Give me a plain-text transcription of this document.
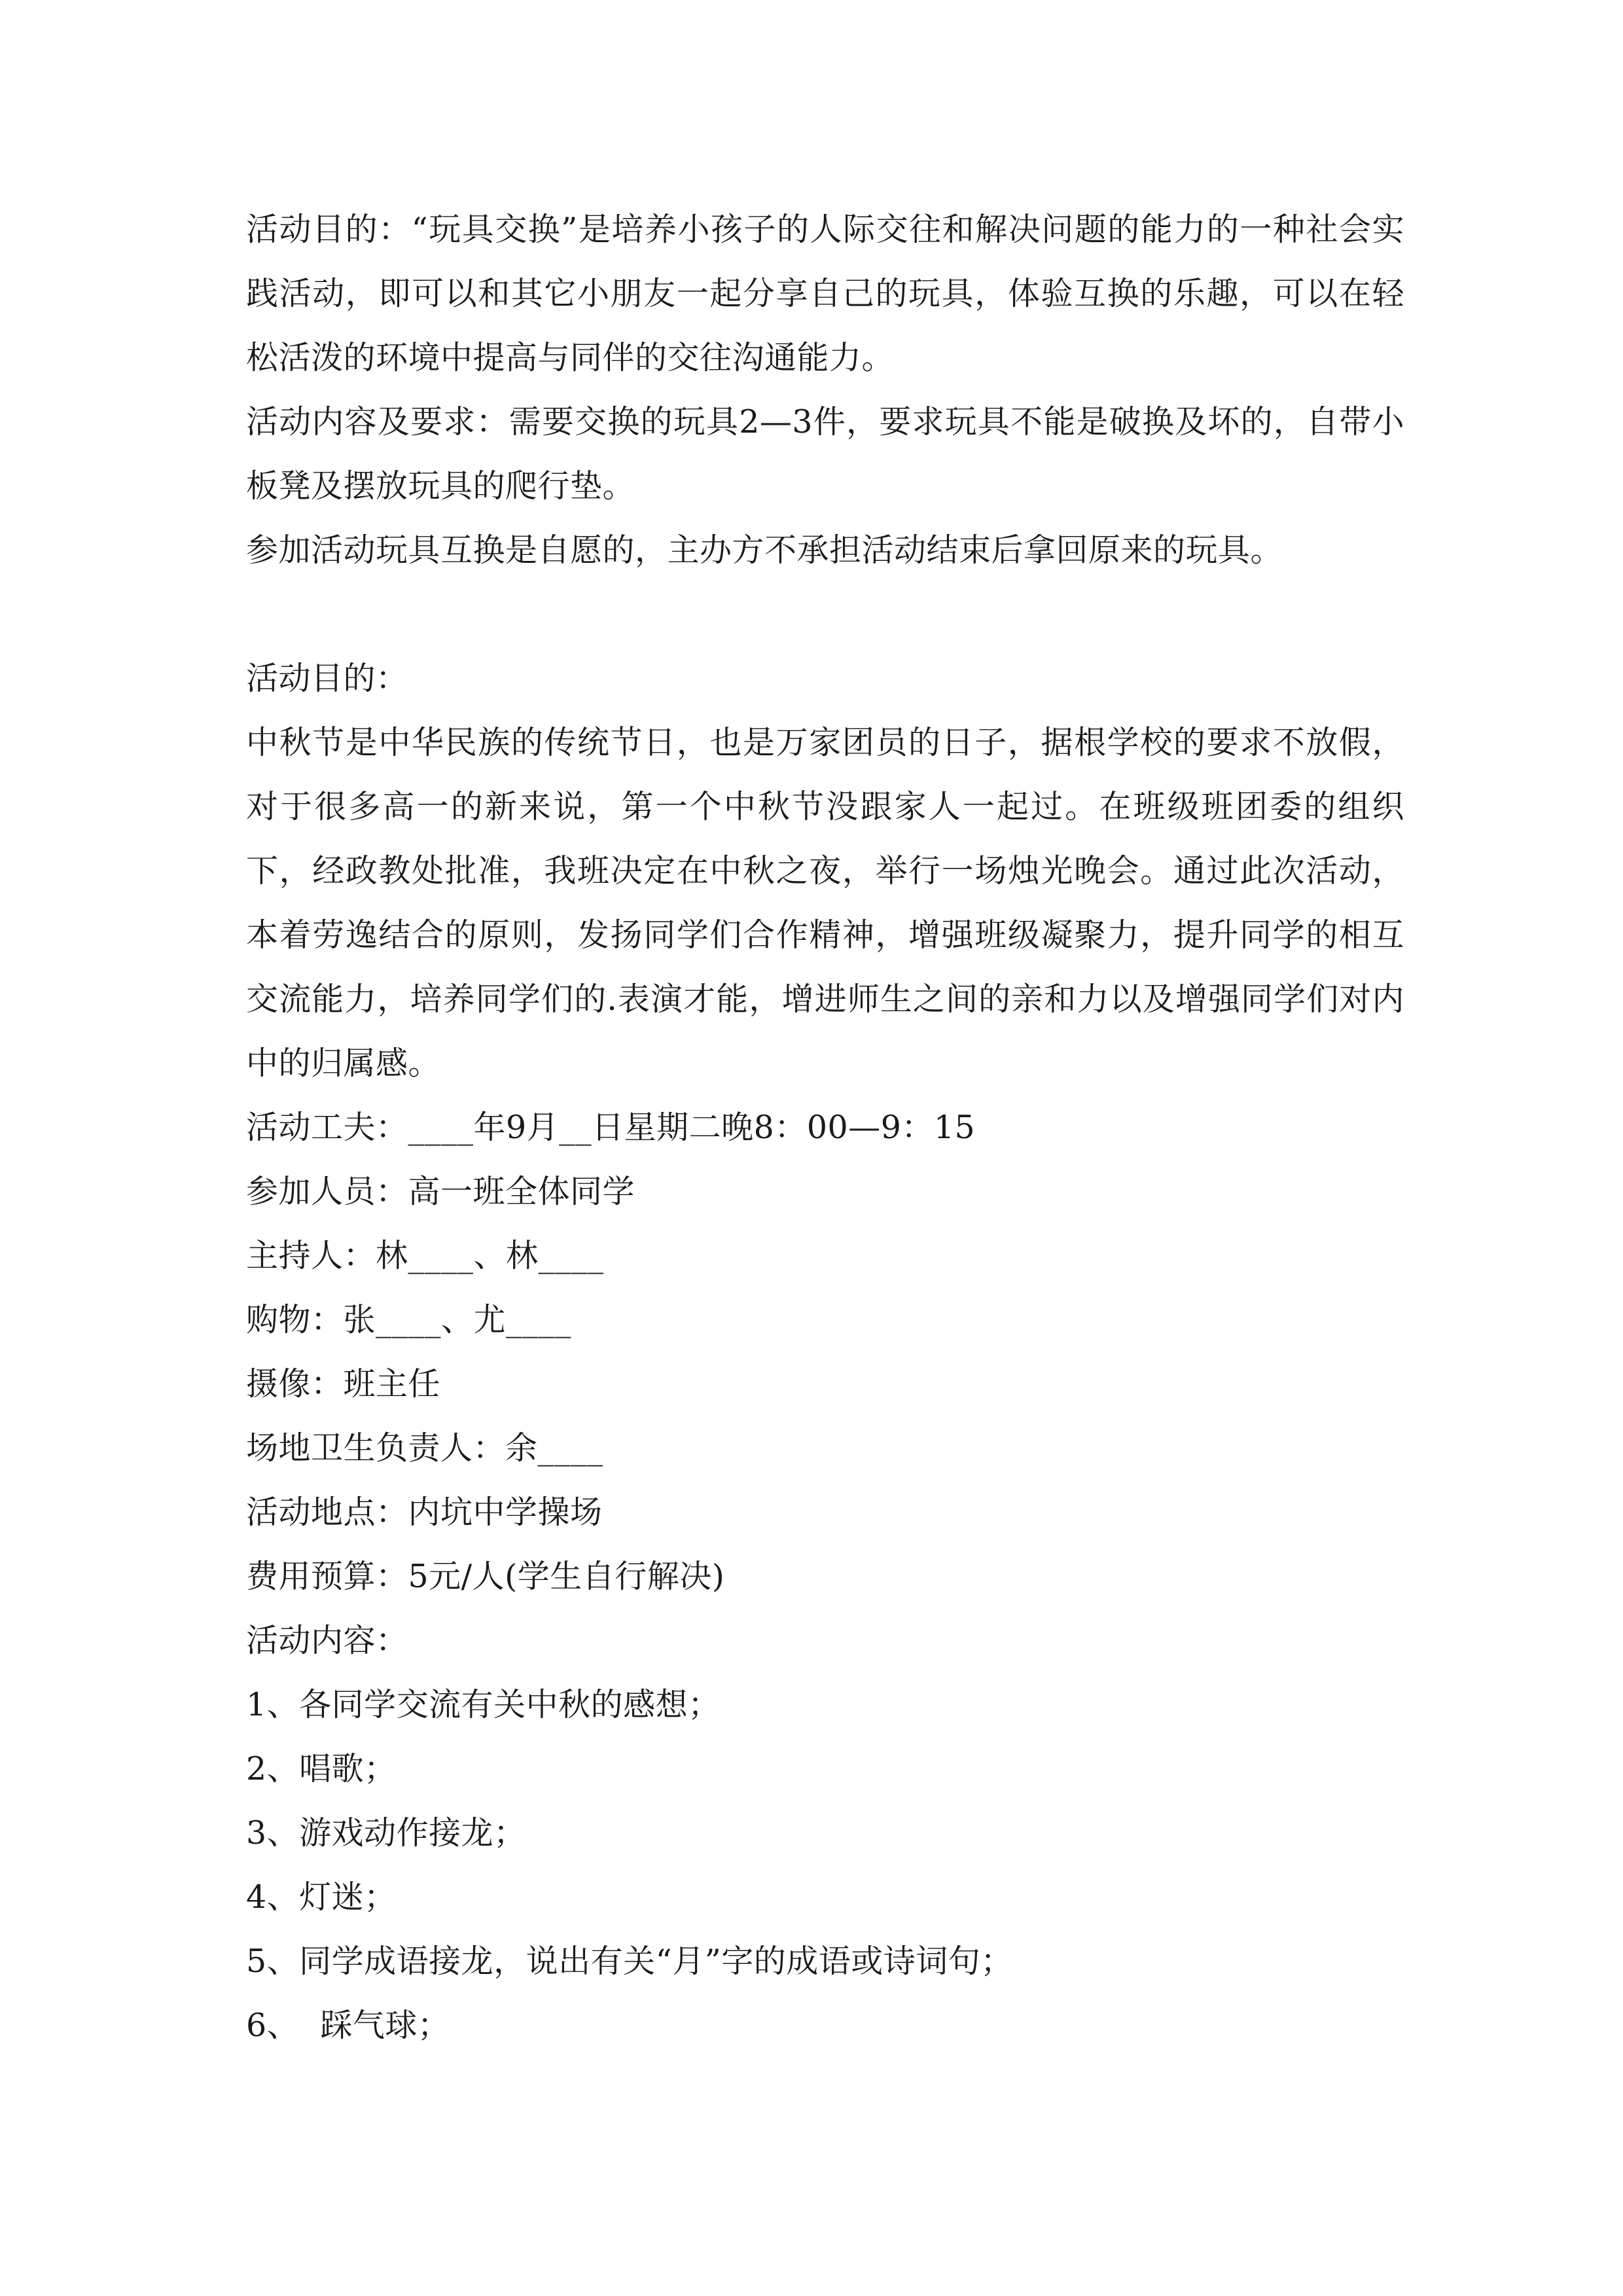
活动目的：“玩具交换”是培养小孩子的人际交往和解决问题的能力的一种社会实践活动，即可以和其它小朋友一起分享自己的玩具，体验互换的乐趣，可以在轻松活泼的环境中提高与同伴的交往沟通能力。

活动内容及要求：需要交换的玩具2—3件，要求玩具不能是破换及坏的，自带小板凳及摆放玩具的爬行垫。

参加活动玩具互换是自愿的，主办方不承担活动结束后拿回原来的玩具。

活动目的：

中秋节是中华民族的传统节日，也是万家团员的日子，据根学校的要求不放假，对于很多高一的新来说，第一个中秋节没跟家人一起过。在班级班团委的组织下，经政教处批准，我班决定在中秋之夜，举行一场烛光晚会。通过此次活动，本着劳逸结合的原则，发扬同学们合作精神，增强班级凝聚力，提升同学的相互交流能力，培养同学们的.表演才能，增进师生之间的亲和力以及增强同学们对内中的归属感。

活动工夫：____年9月__日星期二晚8：00—9：15

参加人员：高一班全体同学

主持人：林____、林____

购物：张____、尤____

摄像：班主任

场地卫生负责人：余____

活动地点：内坑中学操场

费用预算：5元/人(学生自行解决)

活动内容：

1、各同学交流有关中秋的感想；

2、唱歌；

3、游戏动作接龙；

4、灯迷；

5、同学成语接龙，说出有关“月”字的成语或诗词句；

6、  踩气球；
